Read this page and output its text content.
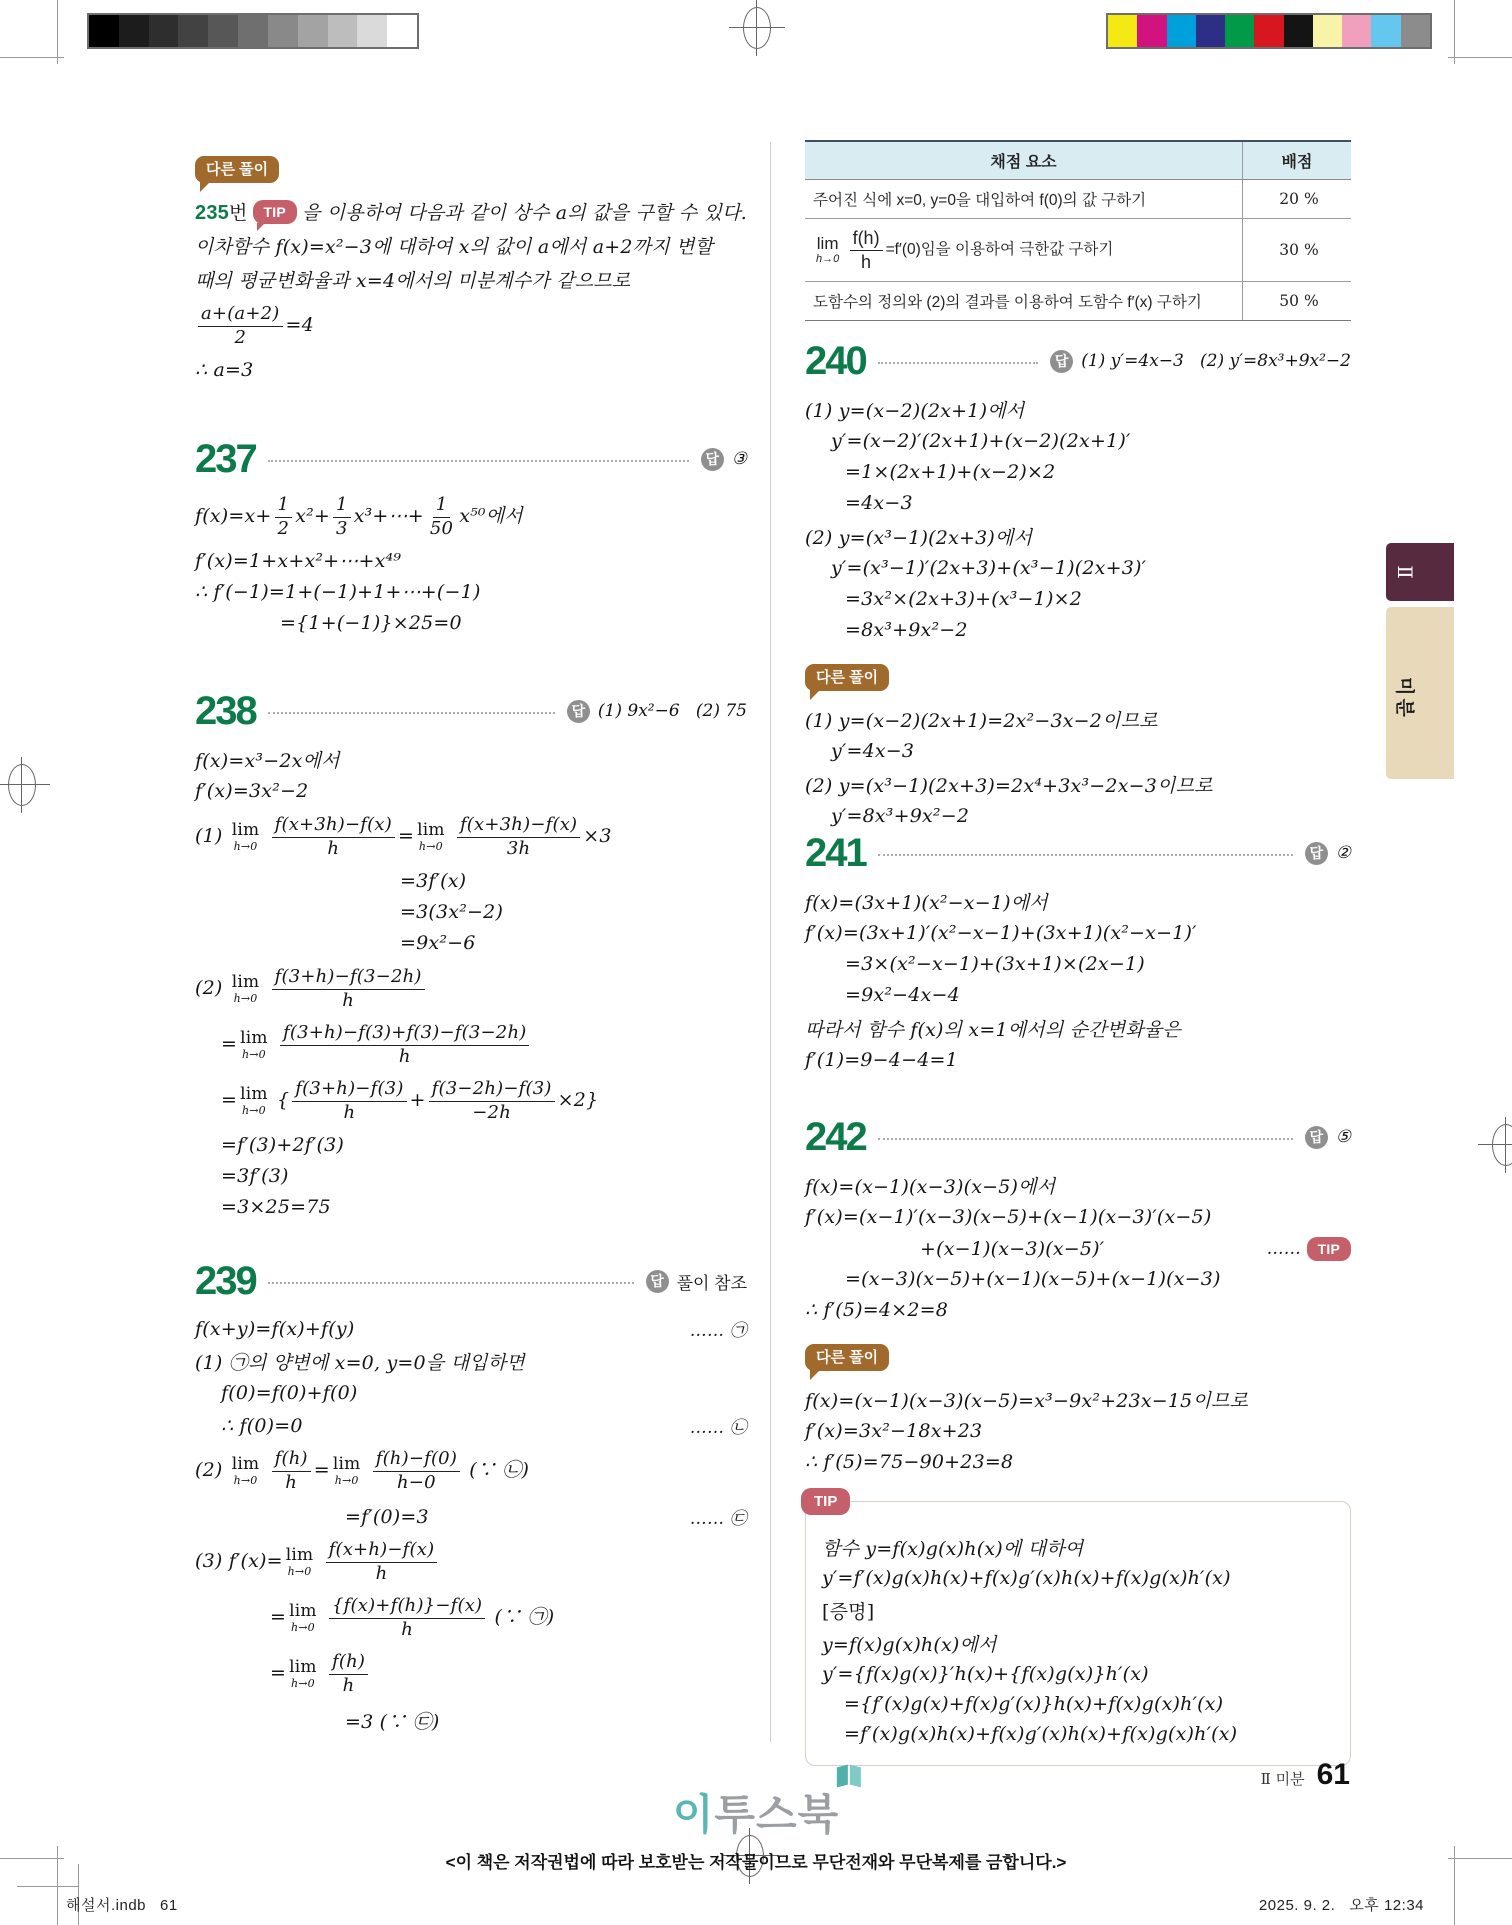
다른 풀이

235번 TIP 을 이용하여 다음과 같이 상수 a의 값을 구할 수 있다.

이차함수 f(x)=x²−3에 대하여 x의 값이 a에서 a+2까지 변할

때의 평균변화율과 x=4에서의 미분계수가 같으므로

$\frac{a+(a+2)}{2} =4$

∴ a=3

237	답 ③

$f(x)=x+ \frac{1}{2} x^2+ \frac{1}{3}$ x³+⋯+ $\frac{1}{50} x^{50}$에서

f′(x)=1+x+x²+⋯+x⁴⁹

∴ f′(−1)=1+(−1)+1+⋯+(−1)

={1+(−1)}×25=0

238	답 (1) 9x²−6   (2) 75

f(x)=x³−2x에서

f′(x)=3x²−2

(1) lim
h→0
$\frac{f(x+3h)-f(x)}{h} = \lim$
h→0
$\frac{f(x+3h)-f(x)}{3h} \times 3$

=3f′(x)

=3(3x²−2)

=9x²−6

(2) lim
h→0
$\frac{f(3+h)-f(3-2h)}{h}$

= lim
h→0
$\frac{f(3+h)-f(3)+f(3)-f(3-2h)}{h}$

= lim
h→0 { $\frac{f(3+h)-f(3)}{h} + \frac{f(3-2h)-f(3)}{-2h} \times 2$}

=f′(3)+2f′(3)

=3f′(3)

=3×25=75

239	답 풀이 참조
f(x+y)=f(x)+f(y)	…… ㉠

(1) ㉠의 양변에 x=0, y=0을 대입하면

f(0)=f(0)+f(0)

∴ f(0)=0	…… ㉡

(2) lim
h→0
$\frac{f(h)}{h} = \lim$
h→0
$\frac{f(h)-f(0)}{h-0}$ (∵ ㉡)

=f′(0)=3	…… ㉢

(3) f′(x)= lim
h→0
$\frac{f(x+h)-f(x)}{h}$

= lim
h→0
$\frac{\{f(x)+f(h)\}-f(x)}{h}$ (∵ ㉠)

= lim
h→0
$\frac{f(h)}{h}$

=3 (∵ ㉢)

채점 요소	배점
주어진 식에 x=0, y=0을 대입하여 f(0)의 값 구하기	20 %

lim
h→0
$\frac{f(h)}{h} =f'(0)$임을 이용하여 극한값 구하기	30 %
도함수의 정의와 (2)의 결과를 이용하여 도함수 f′(x) 구하기	50 %
240	답 (1) y′=4x−3   (2) y′=8x³+9x²−2

(1) y=(x−2)(2x+1)에서

y′=(x−2)′(2x+1)+(x−2)(2x+1)′

=1×(2x+1)+(x−2)×2

=4x−3

(2) y=(x³−1)(2x+3)에서

y′=(x³−1)′(2x+3)+(x³−1)(2x+3)′

=3x²×(2x+3)+(x³−1)×2

=8x³+9x²−2

다른 풀이

(1) y=(x−2)(2x+1)=2x²−3x−2이므로

y′=4x−3

(2) y=(x³−1)(2x+3)=2x⁴+3x³−2x−3이므로

y′=8x³+9x²−2

241	답 ②

f(x)=(3x+1)(x²−x−1)에서

f′(x)=(3x+1)′(x²−x−1)+(3x+1)(x²−x−1)′

=3×(x²−x−1)+(3x+1)×(2x−1)

=9x²−4x−4

따라서 함수 f(x)의 x=1에서의 순간변화율은

f′(1)=9−4−4=1

242	답 ⑤

f(x)=(x−1)(x−3)(x−5)에서

f′(x)=(x−1)′(x−3)(x−5)+(x−1)(x−3)′(x−5)

+(x−1)(x−3)(x−5)′	…… TIP

=(x−3)(x−5)+(x−1)(x−5)+(x−1)(x−3)

∴ f′(5)=4×2=8

다른 풀이

f(x)=(x−1)(x−3)(x−5)=x³−9x²+23x−15이므로

f′(x)=3x²−18x+23

∴ f′(5)=75−90+23=8

TIP

함수 y=f(x)g(x)h(x)에 대하여

y′=f′(x)g(x)h(x)+f(x)g′(x)h(x)+f(x)g(x)h′(x)

[증명]

y=f(x)g(x)h(x)에서

y′={f(x)g(x)}′h(x)+{f(x)g(x)}h′(x)

={f′(x)g(x)+f(x)g′(x)}h(x)+f(x)g(x)h′(x)

=f′(x)g(x)h(x)+f(x)g′(x)h(x)+f(x)g(x)h′(x)

Ⅱ
미분
이투스북
<이 책은 저작권법에 따라 보호받는 저작물이므로 무단전재와 무단복제를 금합니다.>
Ⅱ 미분 61
해설서.indb   61	2025. 9. 2.   오후 12:34
